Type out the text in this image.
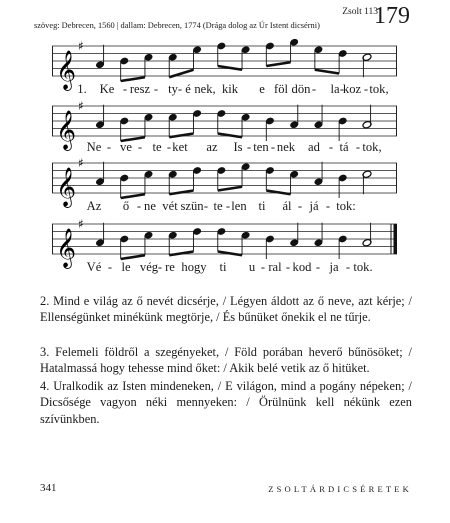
Zsolt 113
179
szöveg: Debrecen, 1560 | dallam: Debrecen, 1774 (Drága dolog az Úr Istent dicsérni)
𝄞
♯
1. Ke resz ty é nek, kik e föl dön la koz tok,
- - -	- - -
𝄞
♯
Ne ve te ket az Is ten nek ad tá tok,
- - -	- -	- -
𝄞
♯
Az ő ne vét szün te len ti ál já tok:
-	- -	- -
𝄞
♯
Vé le vég re hogy ti u ral kod ja tok.
-	-	- - - -

2. Mind e világ az ő nevét dicsérje, / Légyen áldott az ő neve, azt kérje; / Ellenségünket minékünk megtörje, / És bűnüket őnekik el ne tűrje.

3. Felemeli földről a szegényeket, / Föld porában heverő bűnösöket; / Hatalmassá hogy tehesse mind őket: / Akik belé vetik az ő hitüket.

4. Uralkodik az Isten mindeneken, / E világon, mind a pogány népeken; / Dicsősége vagyon néki mennyeken: / Örülnünk kell nékünk ezen szívünkben.

341	ZSOLTÁRDICSÉRETEK
